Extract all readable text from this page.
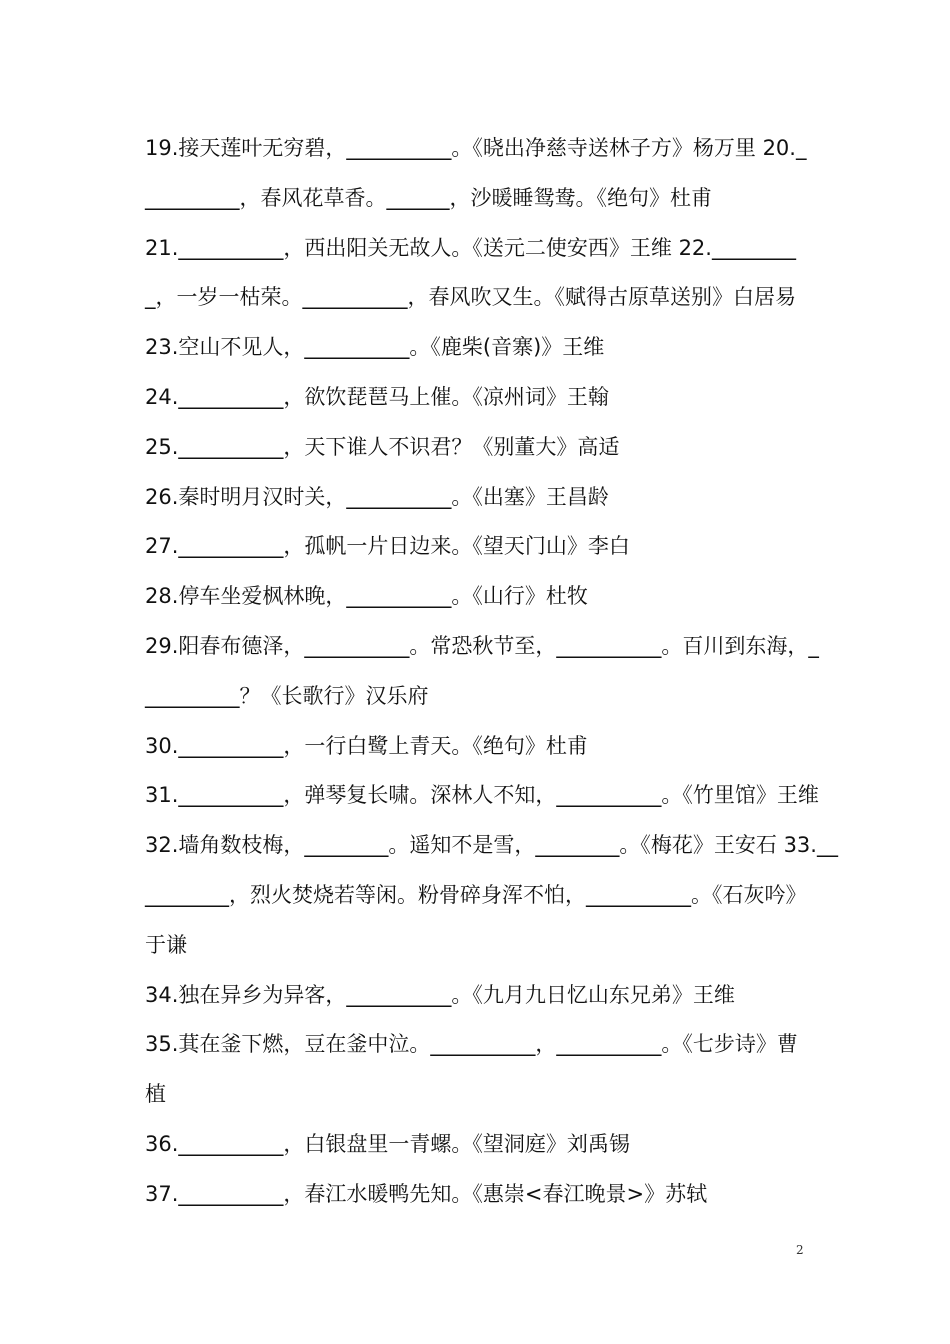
19.接天莲叶无穷碧，__________。《晓出净慈寺送林子方》杨万里 20._
_________，春风花草香。______，沙暖睡鸳鸯。《绝句》杜甫
21.__________，西出阳关无故人。《送元二使安西》王维 22.________
_，一岁一枯荣。__________，春风吹又生。《赋得古原草送别》白居易
23.空山不见人，__________。《鹿柴(音寨)》王维
24.__________，欲饮琵琶马上催。《凉州词》王翰
25.__________，天下谁人不识君？《别董大》高适
26.秦时明月汉时关，__________。《出塞》王昌龄
27.__________，孤帆一片日边来。《望天门山》李白
28.停车坐爱枫林晚，__________。《山行》杜牧
29.阳春布德泽，__________。常恐秋节至，__________。百川到东海，_
_________？《长歌行》汉乐府
30.__________，一行白鹭上青天。《绝句》杜甫
31.__________，弹琴复长啸。深林人不知，__________。《竹里馆》王维
32.墙角数枝梅，________。遥知不是雪，________。《梅花》王安石 33.__
________，烈火焚烧若等闲。粉骨碎身浑不怕，__________。《石灰吟》
于谦
34.独在异乡为异客，__________。《九月九日忆山东兄弟》王维
35.萁在釜下燃，豆在釜中泣。__________，__________。《七步诗》曹
植
36.__________，白银盘里一青螺。《望洞庭》刘禹锡
37.__________，春江水暖鸭先知。《惠崇<春江晚景>》苏轼
2
